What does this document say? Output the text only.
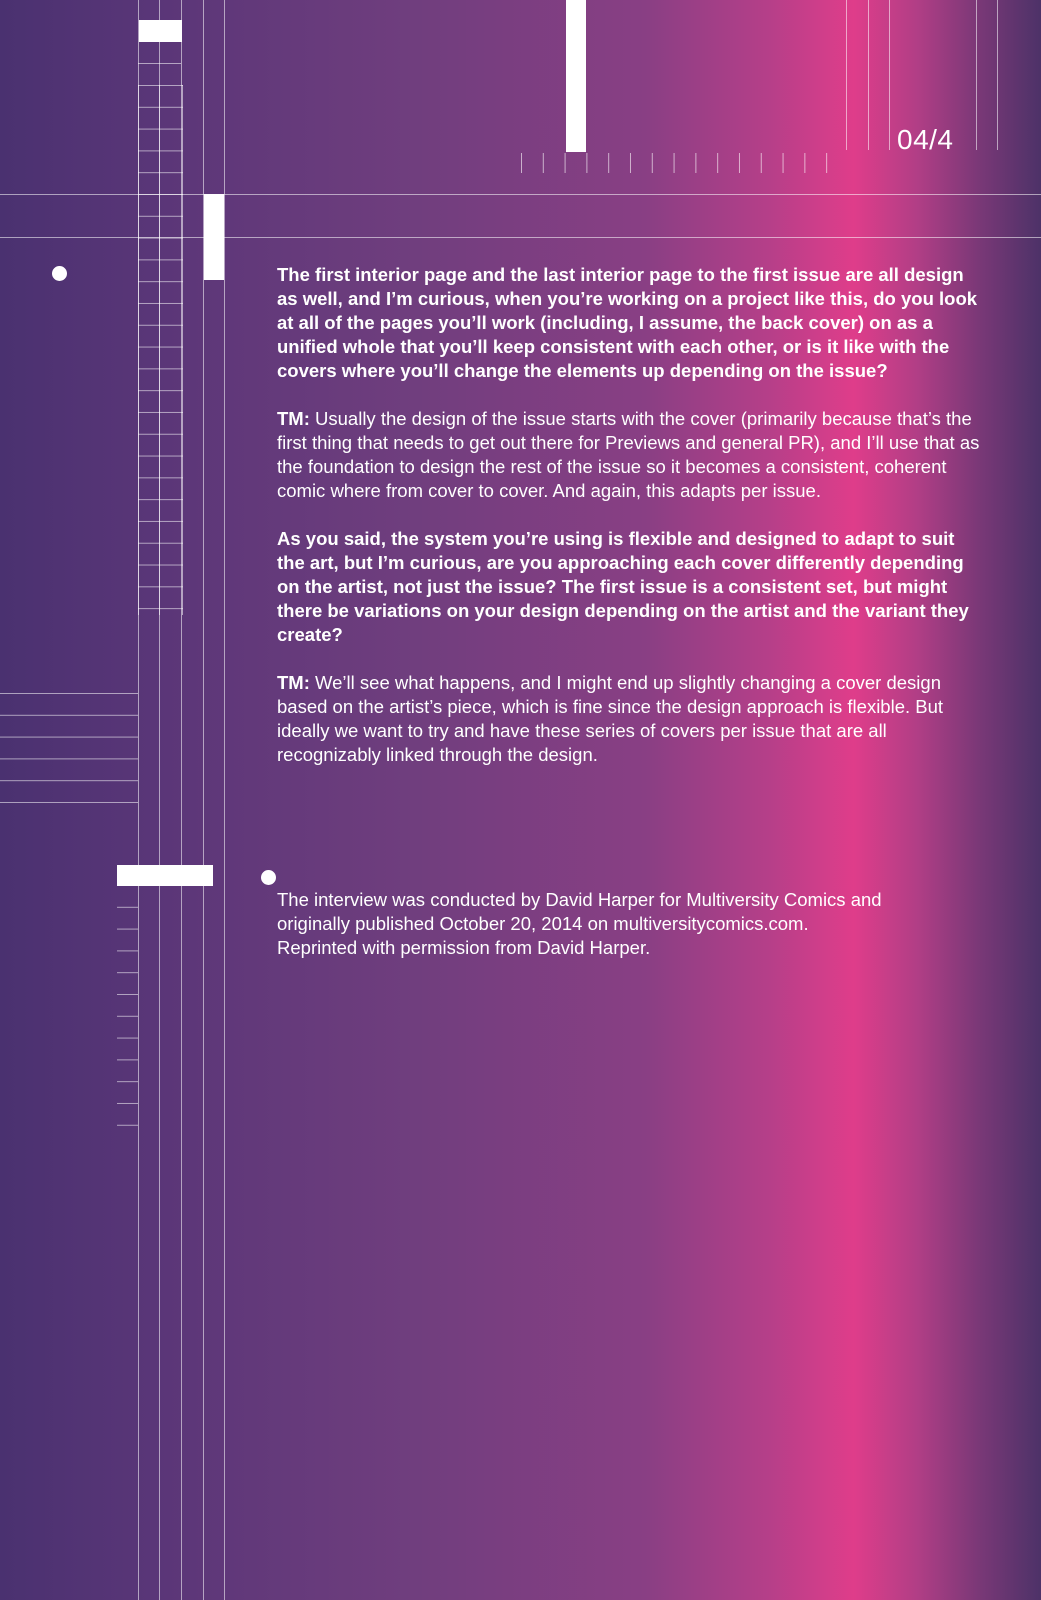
04/4

The first interior page and the last interior page to the first issue are all design as well, and I’m curious, when you’re working on a project like this, do you look at all of the pages you’ll work (including, I assume, the back cover) on as a unified whole that you’ll keep consistent with each other, or is it like with the covers where you’ll change the elements up depending on the issue?

TM: Usually the design of the issue starts with the cover (primarily because that’s the first thing that needs to get out there for Previews and general PR), and I’ll use that as the foundation to design the rest of the issue so it becomes a consistent, coherent comic where from cover to cover. And again, this adapts per issue.

As you said, the system you’re using is flexible and designed to adapt to suit the art, but I’m curious, are you approaching each cover differently depending on the artist, not just the issue? The first issue is a consistent set, but might there be variations on your design depending on the artist and the variant they create?

TM: We’ll see what happens, and I might end up slightly changing a cover design based on the artist’s piece, which is fine since the design approach is flexible. But ideally we want to try and have these series of covers per issue that are all recognizably linked through the design.

The interview was conducted by David Harper for Multiversity Comics and
originally published October 20, 2014 on multiversitycomics.com.
Reprinted with permission from David Harper.
